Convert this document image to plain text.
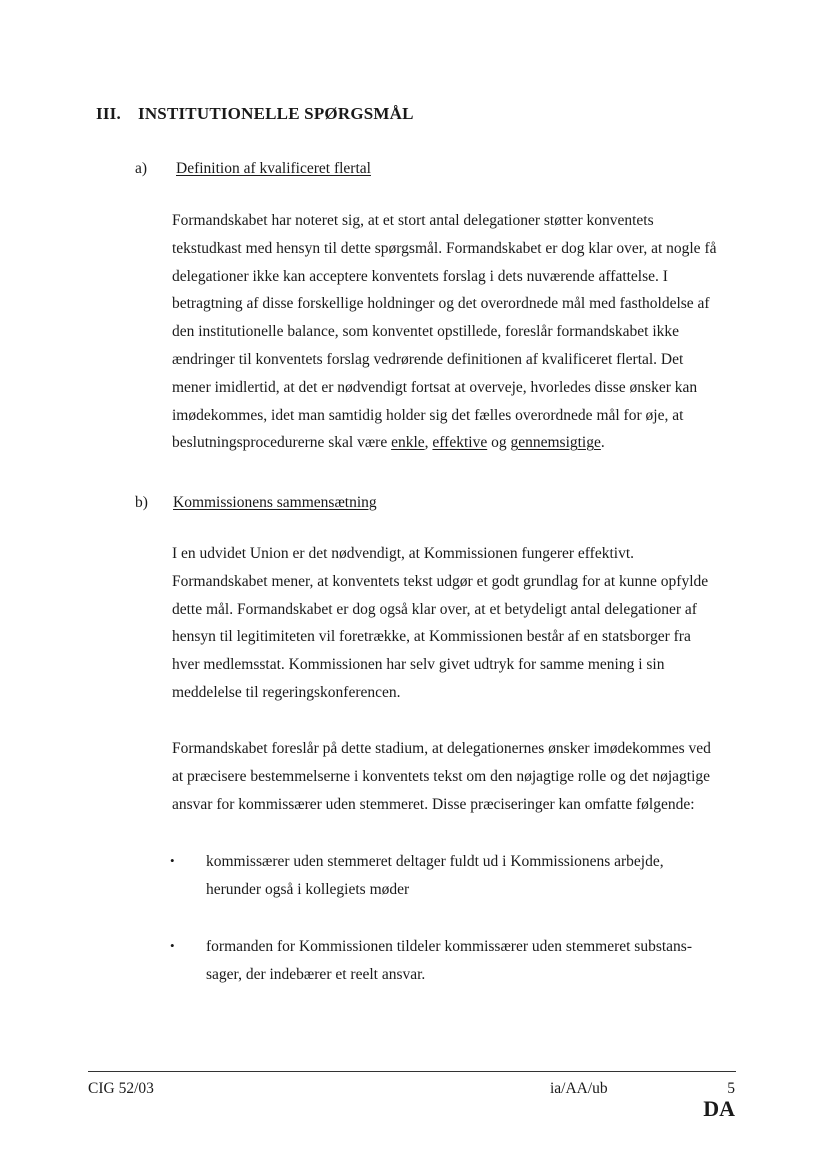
III. INSTITUTIONELLE SPØRGSMÅL
a) Definition af kvalificeret flertal

Formandskabet har noteret sig, at et stort antal delegationer støtter konventets

tekstudkast med hensyn til dette spørgsmål. Formandskabet er dog klar over, at nogle få

delegationer ikke kan acceptere konventets forslag i dets nuværende affattelse. I

betragtning af disse forskellige holdninger og det overordnede mål med fastholdelse af

den institutionelle balance, som konventet opstillede, foreslår formandskabet ikke

ændringer til konventets forslag vedrørende definitionen af kvalificeret flertal. Det

mener imidlertid, at det er nødvendigt fortsat at overveje, hvorledes disse ønsker kan

imødekommes, idet man samtidig holder sig det fælles overordnede mål for øje, at

beslutningsprocedurerne skal være enkle, effektive og gennemsigtige.

b) Kommissionens sammensætning

I en udvidet Union er det nødvendigt, at Kommissionen fungerer effektivt.

Formandskabet mener, at konventets tekst udgør et godt grundlag for at kunne opfylde

dette mål. Formandskabet er dog også klar over, at et betydeligt antal delegationer af

hensyn til legitimiteten vil foretrække, at Kommissionen består af en statsborger fra

hver medlemsstat. Kommissionen har selv givet udtryk for samme mening i sin

meddelelse til regeringskonferencen.

Formandskabet foreslår på dette stadium, at delegationernes ønsker imødekommes ved

at præcisere bestemmelserne i konventets tekst om den nøjagtige rolle og det nøjagtige

ansvar for kommissærer uden stemmeret. Disse præciseringer kan omfatte følgende:

• kommissærer uden stemmeret deltager fuldt ud i Kommissionens arbejde,
herunder også i kollegiets møder
• formanden for Kommissionen tildeler kommissærer uden stemmeret substans-
sager, der indebærer et reelt ansvar.
CIG 52/03	ia/AA/ub	5
DA
